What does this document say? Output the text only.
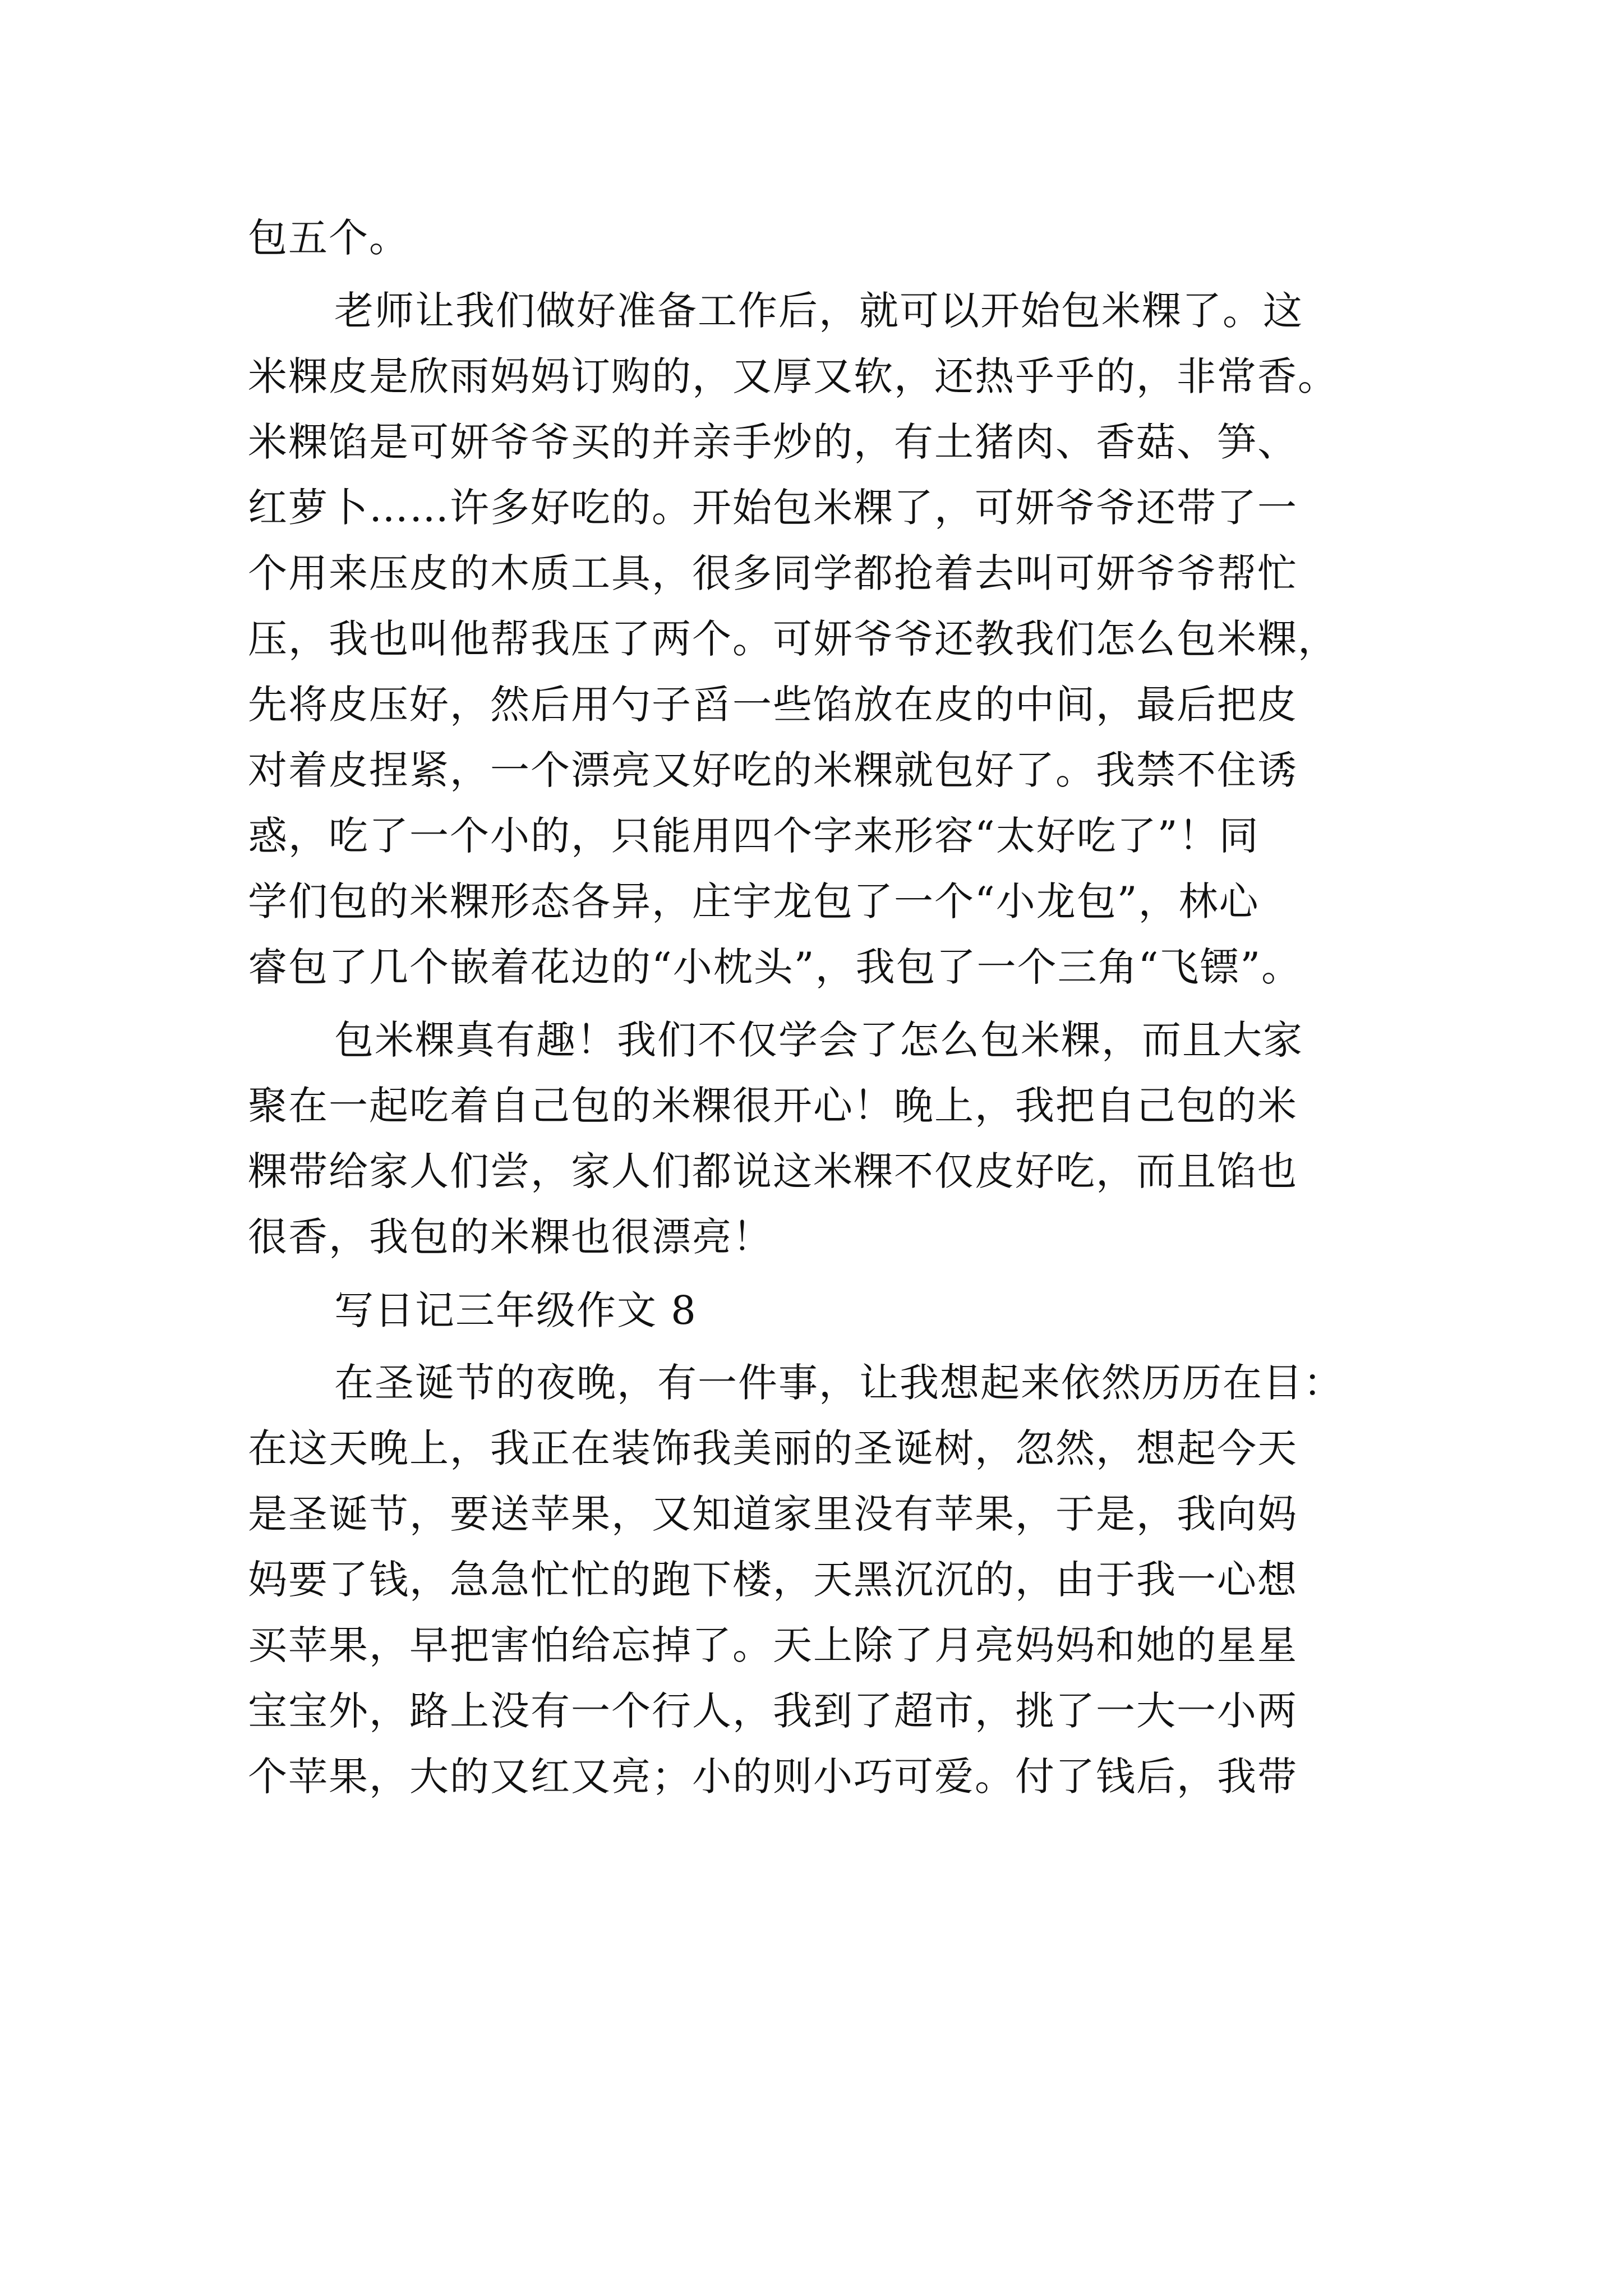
包五个。
老师让我们做好准备工作后，就可以开始包米粿了。这
米粿皮是欣雨妈妈订购的，又厚又软，还热乎乎的，非常香。
米粿馅是可妍爷爷买的并亲手炒的，有土猪肉、香菇、笋、
红萝卜……许多好吃的。开始包米粿了，可妍爷爷还带了一
个用来压皮的木质工具，很多同学都抢着去叫可妍爷爷帮忙
压，我也叫他帮我压了两个。可妍爷爷还教我们怎么包米粿，
先将皮压好，然后用勺子舀一些馅放在皮的中间，最后把皮
对着皮捏紧，一个漂亮又好吃的米粿就包好了。我禁不住诱
惑，吃了一个小的，只能用四个字来形容“太好吃了”！同
学们包的米粿形态各异，庄宇龙包了一个“小龙包”，林心
睿包了几个嵌着花边的“小枕头”，我包了一个三角“飞镖”。
包米粿真有趣！我们不仅学会了怎么包米粿，而且大家
聚在一起吃着自己包的米粿很开心！晚上，我把自己包的米
粿带给家人们尝，家人们都说这米粿不仅皮好吃，而且馅也
很香，我包的米粿也很漂亮！
写日记三年级作文 8
在圣诞节的夜晚，有一件事，让我想起来依然历历在目：
在这天晚上，我正在装饰我美丽的圣诞树，忽然，想起今天
是圣诞节，要送苹果，又知道家里没有苹果，于是，我向妈
妈要了钱，急急忙忙的跑下楼，天黑沉沉的，由于我一心想
买苹果，早把害怕给忘掉了。天上除了月亮妈妈和她的星星
宝宝外，路上没有一个行人，我到了超市，挑了一大一小两
个苹果，大的又红又亮；小的则小巧可爱。付了钱后，我带
